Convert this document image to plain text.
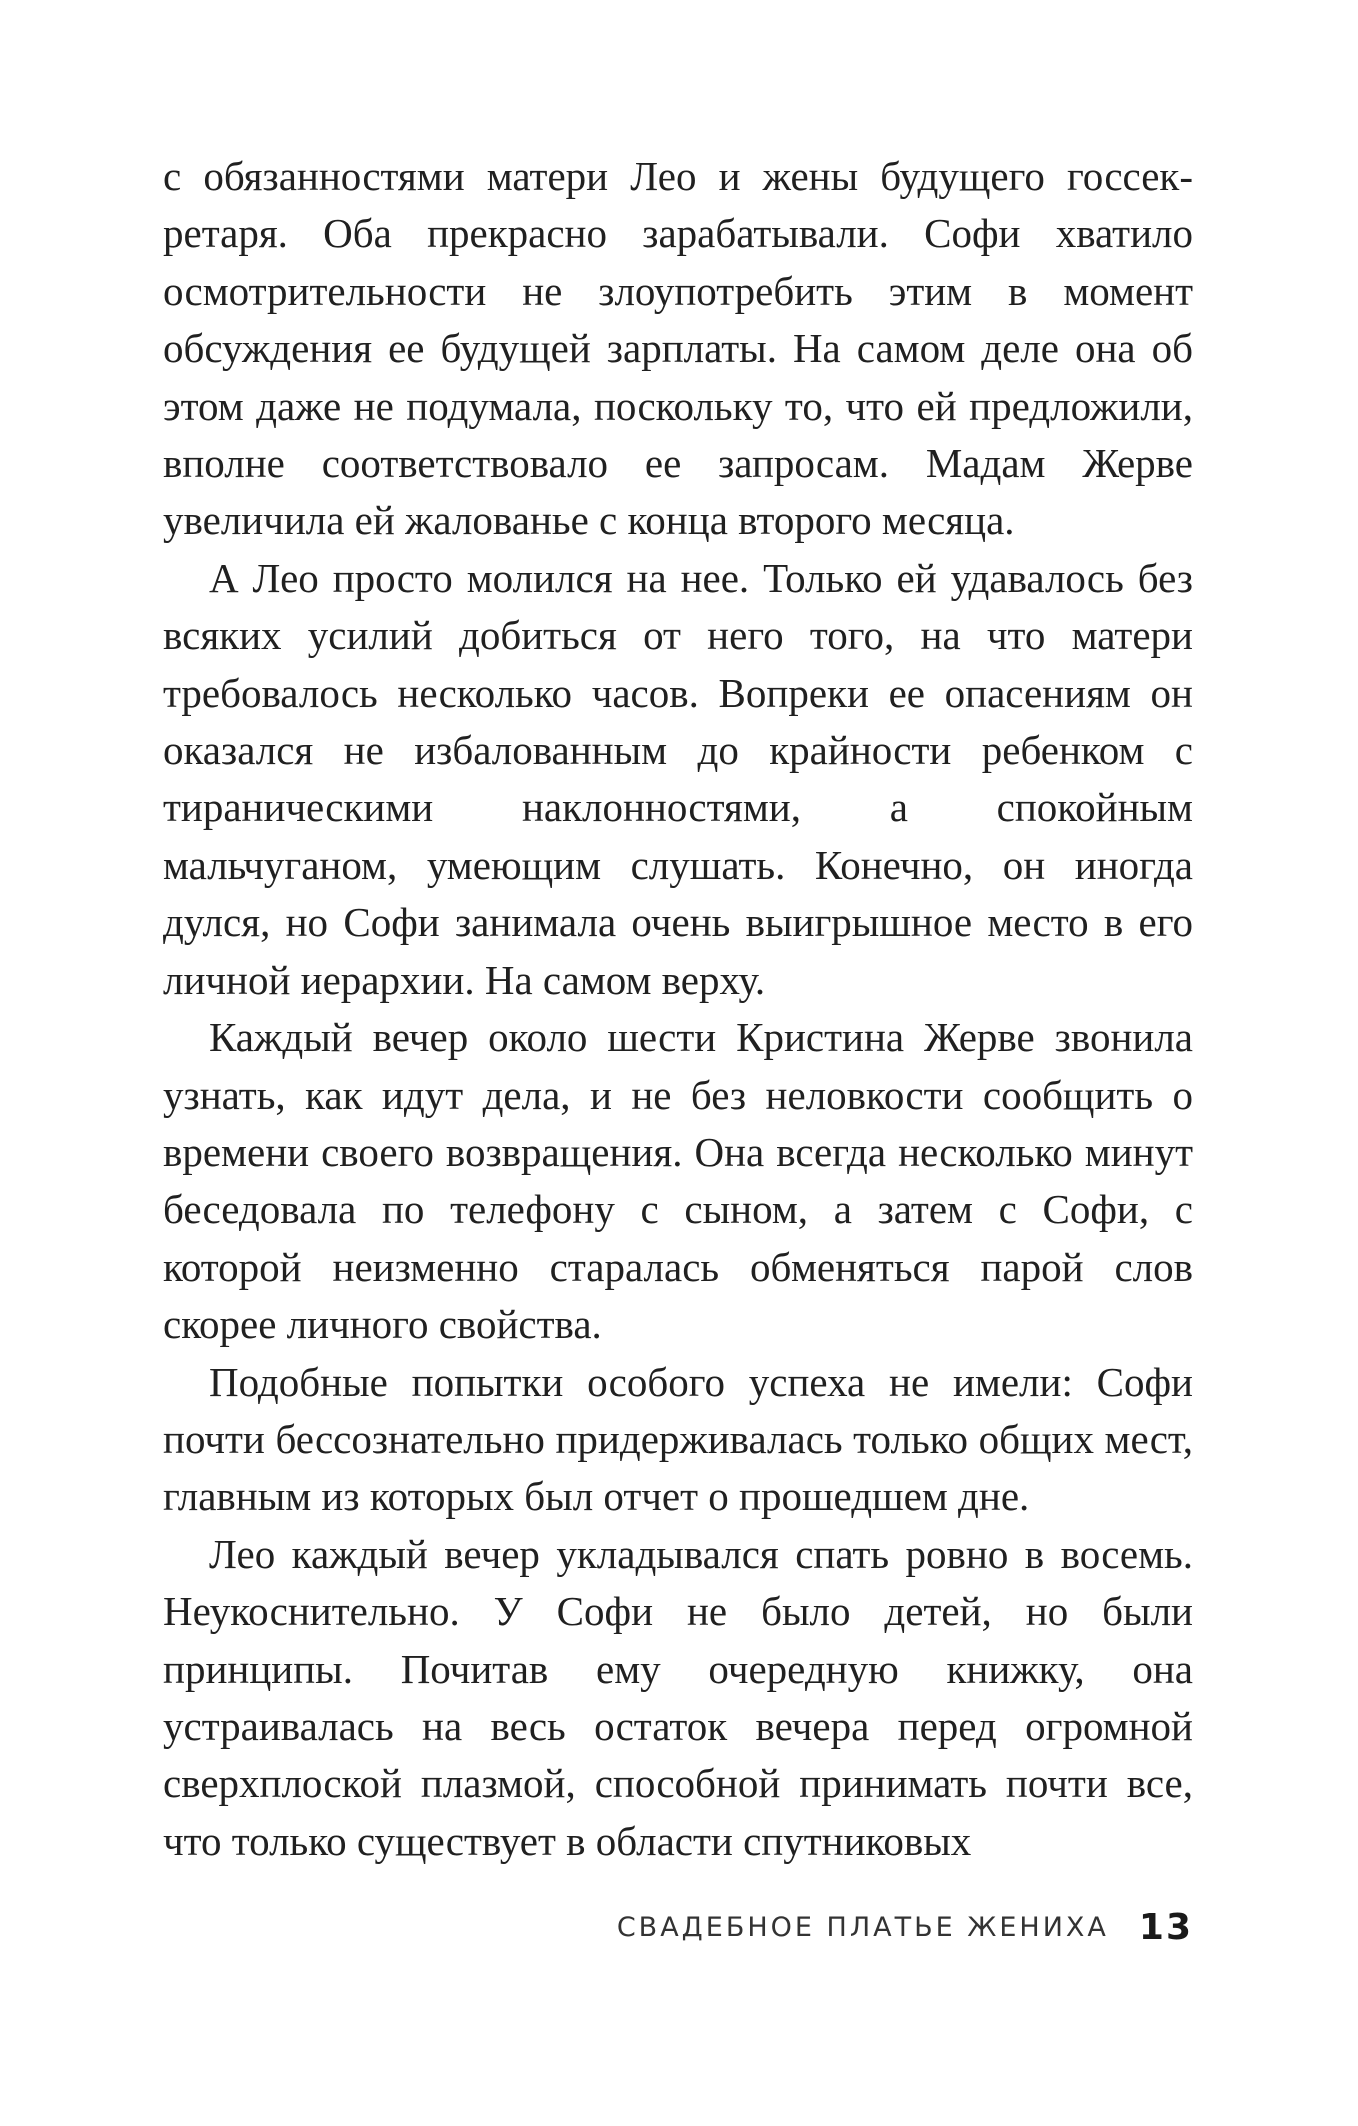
с обязанностями матери Лео и жены будущего госсекретаря. Оба прекрасно зарабатывали. Софи хватило осмотрительности не злоупотребить этим в момент обсуждения ее будущей зарплаты. На самом деле она об этом даже не подумала, поскольку то, что ей предложили, вполне соответствовало ее запросам. Мадам Жерве увеличила ей жалованье с конца второго месяца.

А Лео просто молился на нее. Только ей удавалось без всяких усилий добиться от него того, на что матери требовалось несколько часов. Вопреки ее опасениям он оказался не избалованным до крайности ребенком с тираническими наклонностями, а спокойным мальчуганом, умеющим слушать. Конечно, он иногда дулся, но Софи занимала очень выигрышное место в его личной иерархии. На самом верху.

Каждый вечер около шести Кристина Жерве звонила узнать, как идут дела, и не без неловкости сообщить о времени своего возвращения. Она всегда несколько минут беседовала по телефону с сыном, а затем с Софи, с которой неизменно старалась обменяться парой слов скорее личного свойства.

Подобные попытки особого успеха не имели: Софи почти бессознательно придерживалась только общих мест, главным из которых был отчет о прошедшем дне.

Лео каждый вечер укладывался спать ровно в восемь. Неукоснительно. У Софи не было детей, но были принципы. Почитав ему очередную книжку, она устраивалась на весь остаток вечера перед огромной сверхплоской плазмой, способной принимать почти все, что только существует в области спутниковых

СВАДЕБНОЕ ПЛАТЬЕ ЖЕНИХА 13
